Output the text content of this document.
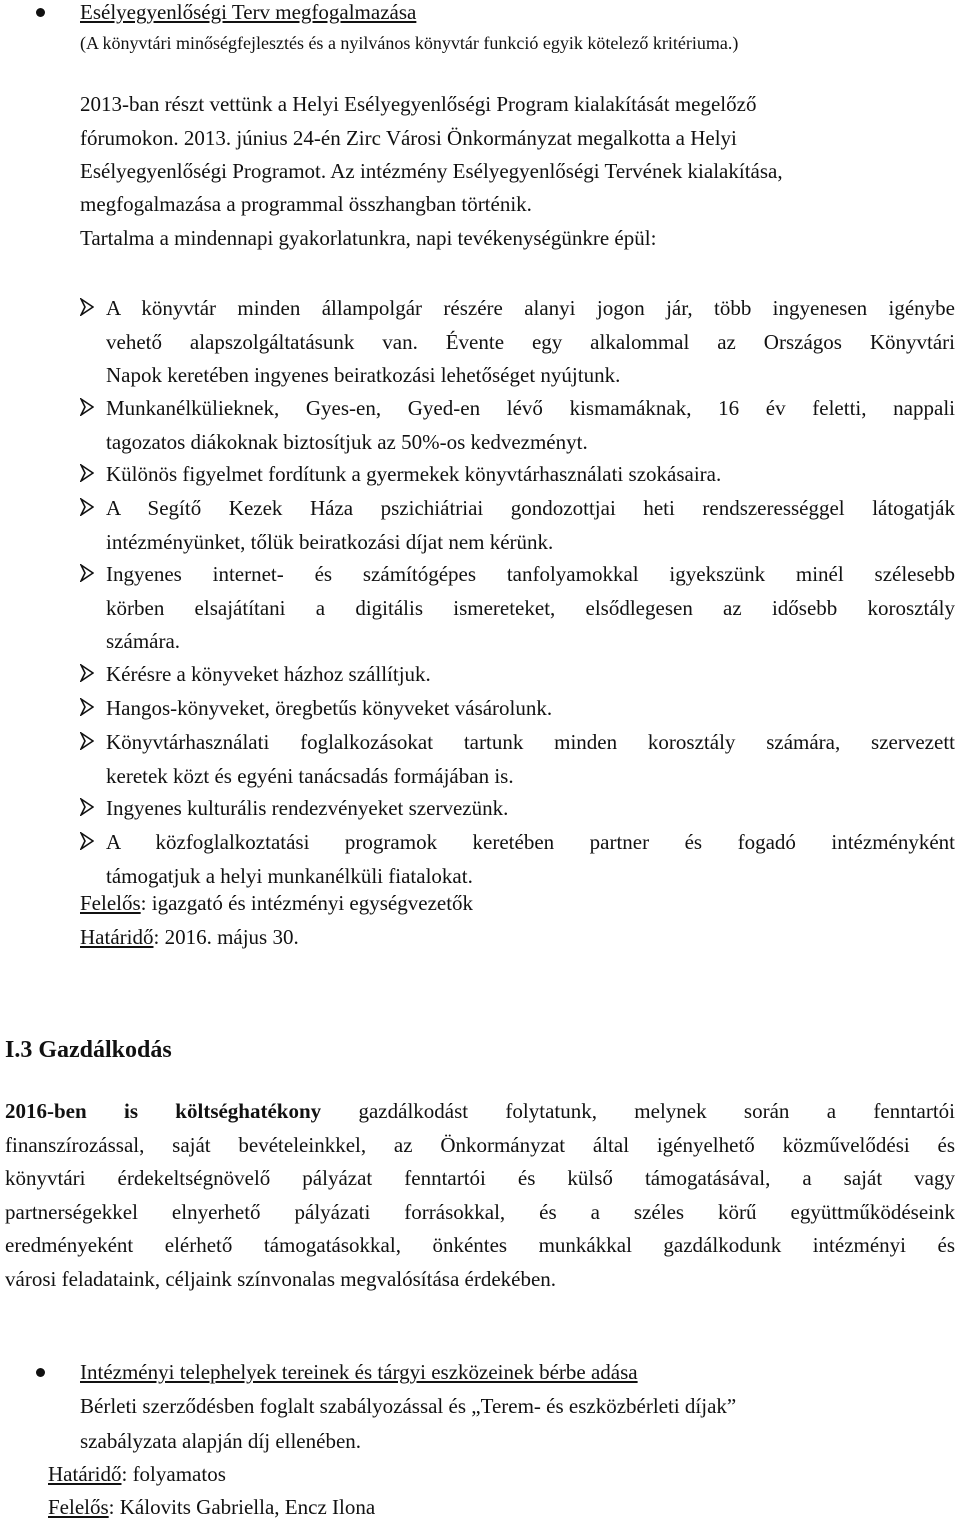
Esélyegyenlőségi Terv megfogalmazása
(A könyvtári minőségfejlesztés és a nyilvános könyvtár funkció egyik kötelező kritériuma.)
2013-ban részt vettünk a Helyi Esélyegyenlőségi Program kialakítását megelőző
fórumokon. 2013. június 24-én Zirc Városi Önkormányzat megalkotta a Helyi
Esélyegyenlőségi Programot. Az intézmény Esélyegyenlőségi Tervének kialakítása,
megfogalmazása a programmal összhangban történik.
Tartalma a mindennapi gyakorlatunkra, napi tevékenységünkre épül:
Felelős: igazgató és intézményi egységvezetők
Határidő: 2016. május 30.
I.3 Gazdálkodás
2016-ben is költséghatékony gazdálkodást folytatunk, melynek során a fenntartói
finanszírozással, saját bevételeinkkel, az Önkormányzat által igényelhető közművelődési és
könyvtári érdekeltségnövelő pályázat fenntartói és külső támogatásával, a saját vagy
partnerségekkel elnyerhető pályázati forrásokkal, és a széles körű együttműködéseink
eredményeként elérhető támogatásokkal, önkéntes munkákkal gazdálkodunk intézményi és
városi feladataink, céljaink színvonalas megvalósítása érdekében.
Intézményi telephelyek tereinek és tárgyi eszközeinek bérbe adása
Bérleti szerződésben foglalt szabályozással és „Terem- és eszközbérleti díjak”
szabályzata alapján díj ellenében.
Határidő: folyamatos
Felelős: Kálovits Gabriella, Encz Ilona
A könyvtár minden állampolgár részére alanyi jogon jár, több ingyenesen igénybe
vehető alapszolgáltatásunk van. Évente egy alkalommal az Országos Könyvtári
Napok keretében ingyenes beiratkozási lehetőséget nyújtunk.
Munkanélkülieknek, Gyes-en, Gyed-en lévő kismamáknak, 16 év feletti, nappali
tagozatos diákoknak biztosítjuk az 50%-os kedvezményt.
Különös figyelmet fordítunk a gyermekek könyvtárhasználati szokásaira.
A Segítő Kezek Háza pszichiátriai gondozottjai heti rendszerességgel látogatják
intézményünket, tőlük beiratkozási díjat nem kérünk.
Ingyenes internet- és számítógépes tanfolyamokkal igyekszünk minél szélesebb
körben elsajátítani a digitális ismereteket, elsődlegesen az idősebb korosztály
számára.
Kérésre a könyveket házhoz szállítjuk.
Hangos-könyveket, öregbetűs könyveket vásárolunk.
Könyvtárhasználati foglalkozásokat tartunk minden korosztály számára, szervezett
keretek közt és egyéni tanácsadás formájában is.
Ingyenes kulturális rendezvényeket szervezünk.
A közfoglalkoztatási programok keretében partner és fogadó intézményként
támogatjuk a helyi munkanélküli fiatalokat.
